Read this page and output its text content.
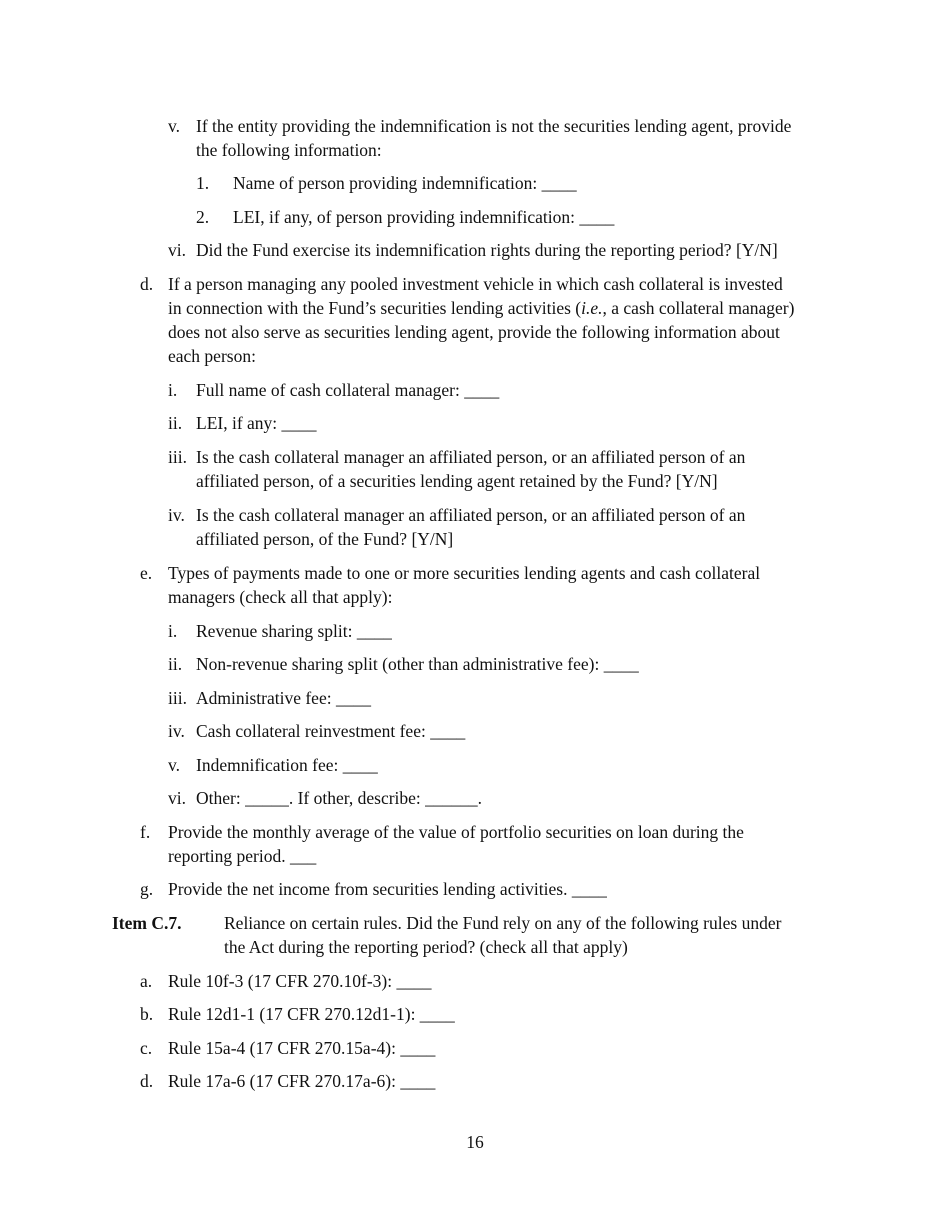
v. If the entity providing the indemnification is not the securities lending agent, provide
the following information:
1.	Name of person providing indemnification: ____
2.	LEI, if any, of person providing indemnification: ____
vi. Did the Fund exercise its indemnification rights during the reporting period? [Y/N]
d. If a person managing any pooled investment vehicle in which cash collateral is invested
in connection with the Fund’s securities lending activities (i.e., a cash collateral manager)
does not also serve as securities lending agent, provide the following information about
each person:
i.	Full name of cash collateral manager: ____
ii. LEI, if any: ____
iii. Is the cash collateral manager an affiliated person, or an affiliated person of an
affiliated person, of a securities lending agent retained by the Fund? [Y/N]
iv. Is the cash collateral manager an affiliated person, or an affiliated person of an
affiliated person, of the Fund? [Y/N]
e. Types of payments made to one or more securities lending agents and cash collateral
managers (check all that apply):
i.	Revenue sharing split: ____
ii. Non-revenue sharing split (other than administrative fee): ____
iii. Administrative fee: ____
iv. Cash collateral reinvestment fee: ____
v. Indemnification fee: ____
vi. Other: _____. If other, describe: ______.
f.	Provide the monthly average of the value of portfolio securities on loan during the
reporting period. ___
g. Provide the net income from securities lending activities. ____
Item C.7.	Reliance on certain rules. Did the Fund rely on any of the following rules under
the Act during the reporting period? (check all that apply)
a. Rule 10f-3 (17 CFR 270.10f-3): ____
b. Rule 12d1-1 (17 CFR 270.12d1-1): ____
c. Rule 15a-4 (17 CFR 270.15a-4): ____
d. Rule 17a-6 (17 CFR 270.17a-6): ____
16
